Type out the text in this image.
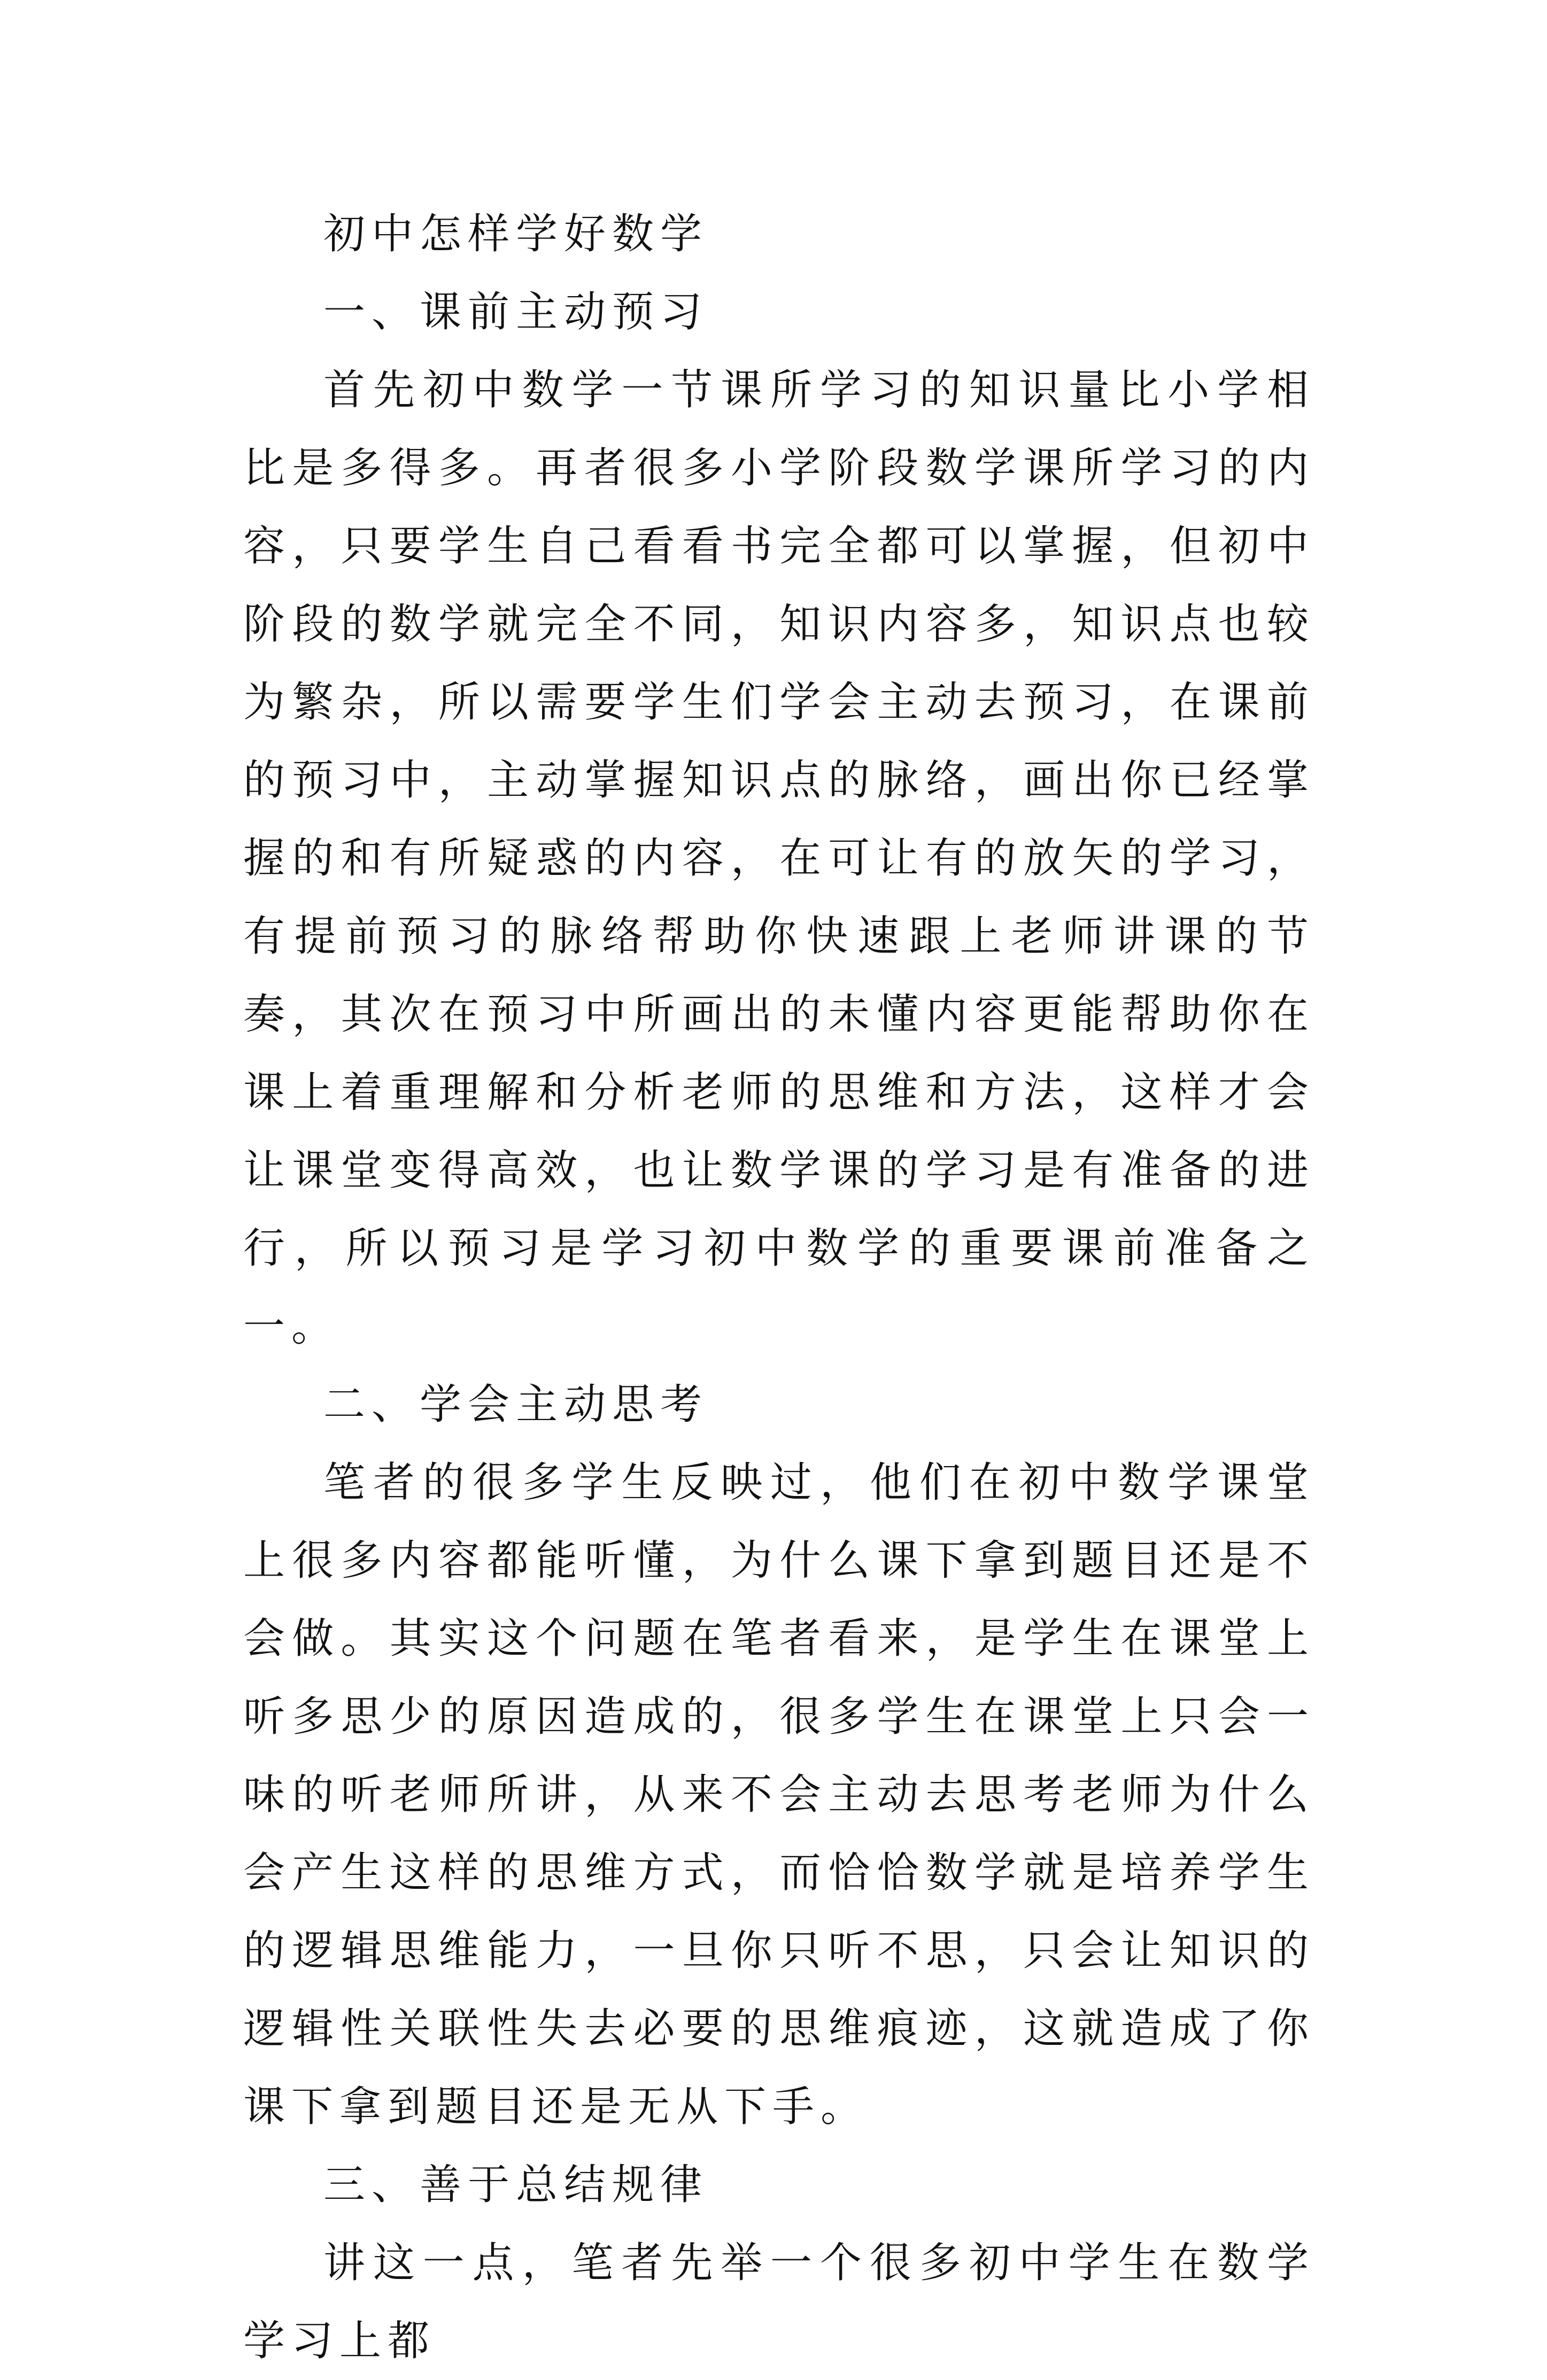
初中怎样学好数学

一、课前主动预习

首先初中数学一节课所学习的知识量比小学相比是多得多。再者很多小学阶段数学课所学习的内容，只要学生自己看看书完全都可以掌握，但初中阶段的数学就完全不同，知识内容多，知识点也较为繁杂，所以需要学生们学会主动去预习，在课前的预习中，主动掌握知识点的脉络，画出你已经掌握的和有所疑惑的内容，在可让有的放矢的学习，有提前预习的脉络帮助你快速跟上老师讲课的节奏，其次在预习中所画出的未懂内容更能帮助你在课上着重理解和分析老师的思维和方法，这样才会让课堂变得高效，也让数学课的学习是有准备的进行，所以预习是学习初中数学的重要课前准备之一。

二、学会主动思考

笔者的很多学生反映过，他们在初中数学课堂上很多内容都能听懂，为什么课下拿到题目还是不会做。其实这个问题在笔者看来，是学生在课堂上听多思少的原因造成的，很多学生在课堂上只会一味的听老师所讲，从来不会主动去思考老师为什么会产生这样的思维方式，而恰恰数学就是培养学生的逻辑思维能力，一旦你只听不思，只会让知识的逻辑性关联性失去必要的思维痕迹，这就造成了你课下拿到题目还是无从下手。

三、善于总结规律

讲这一点，笔者先举一个很多初中学生在数学学习上都
